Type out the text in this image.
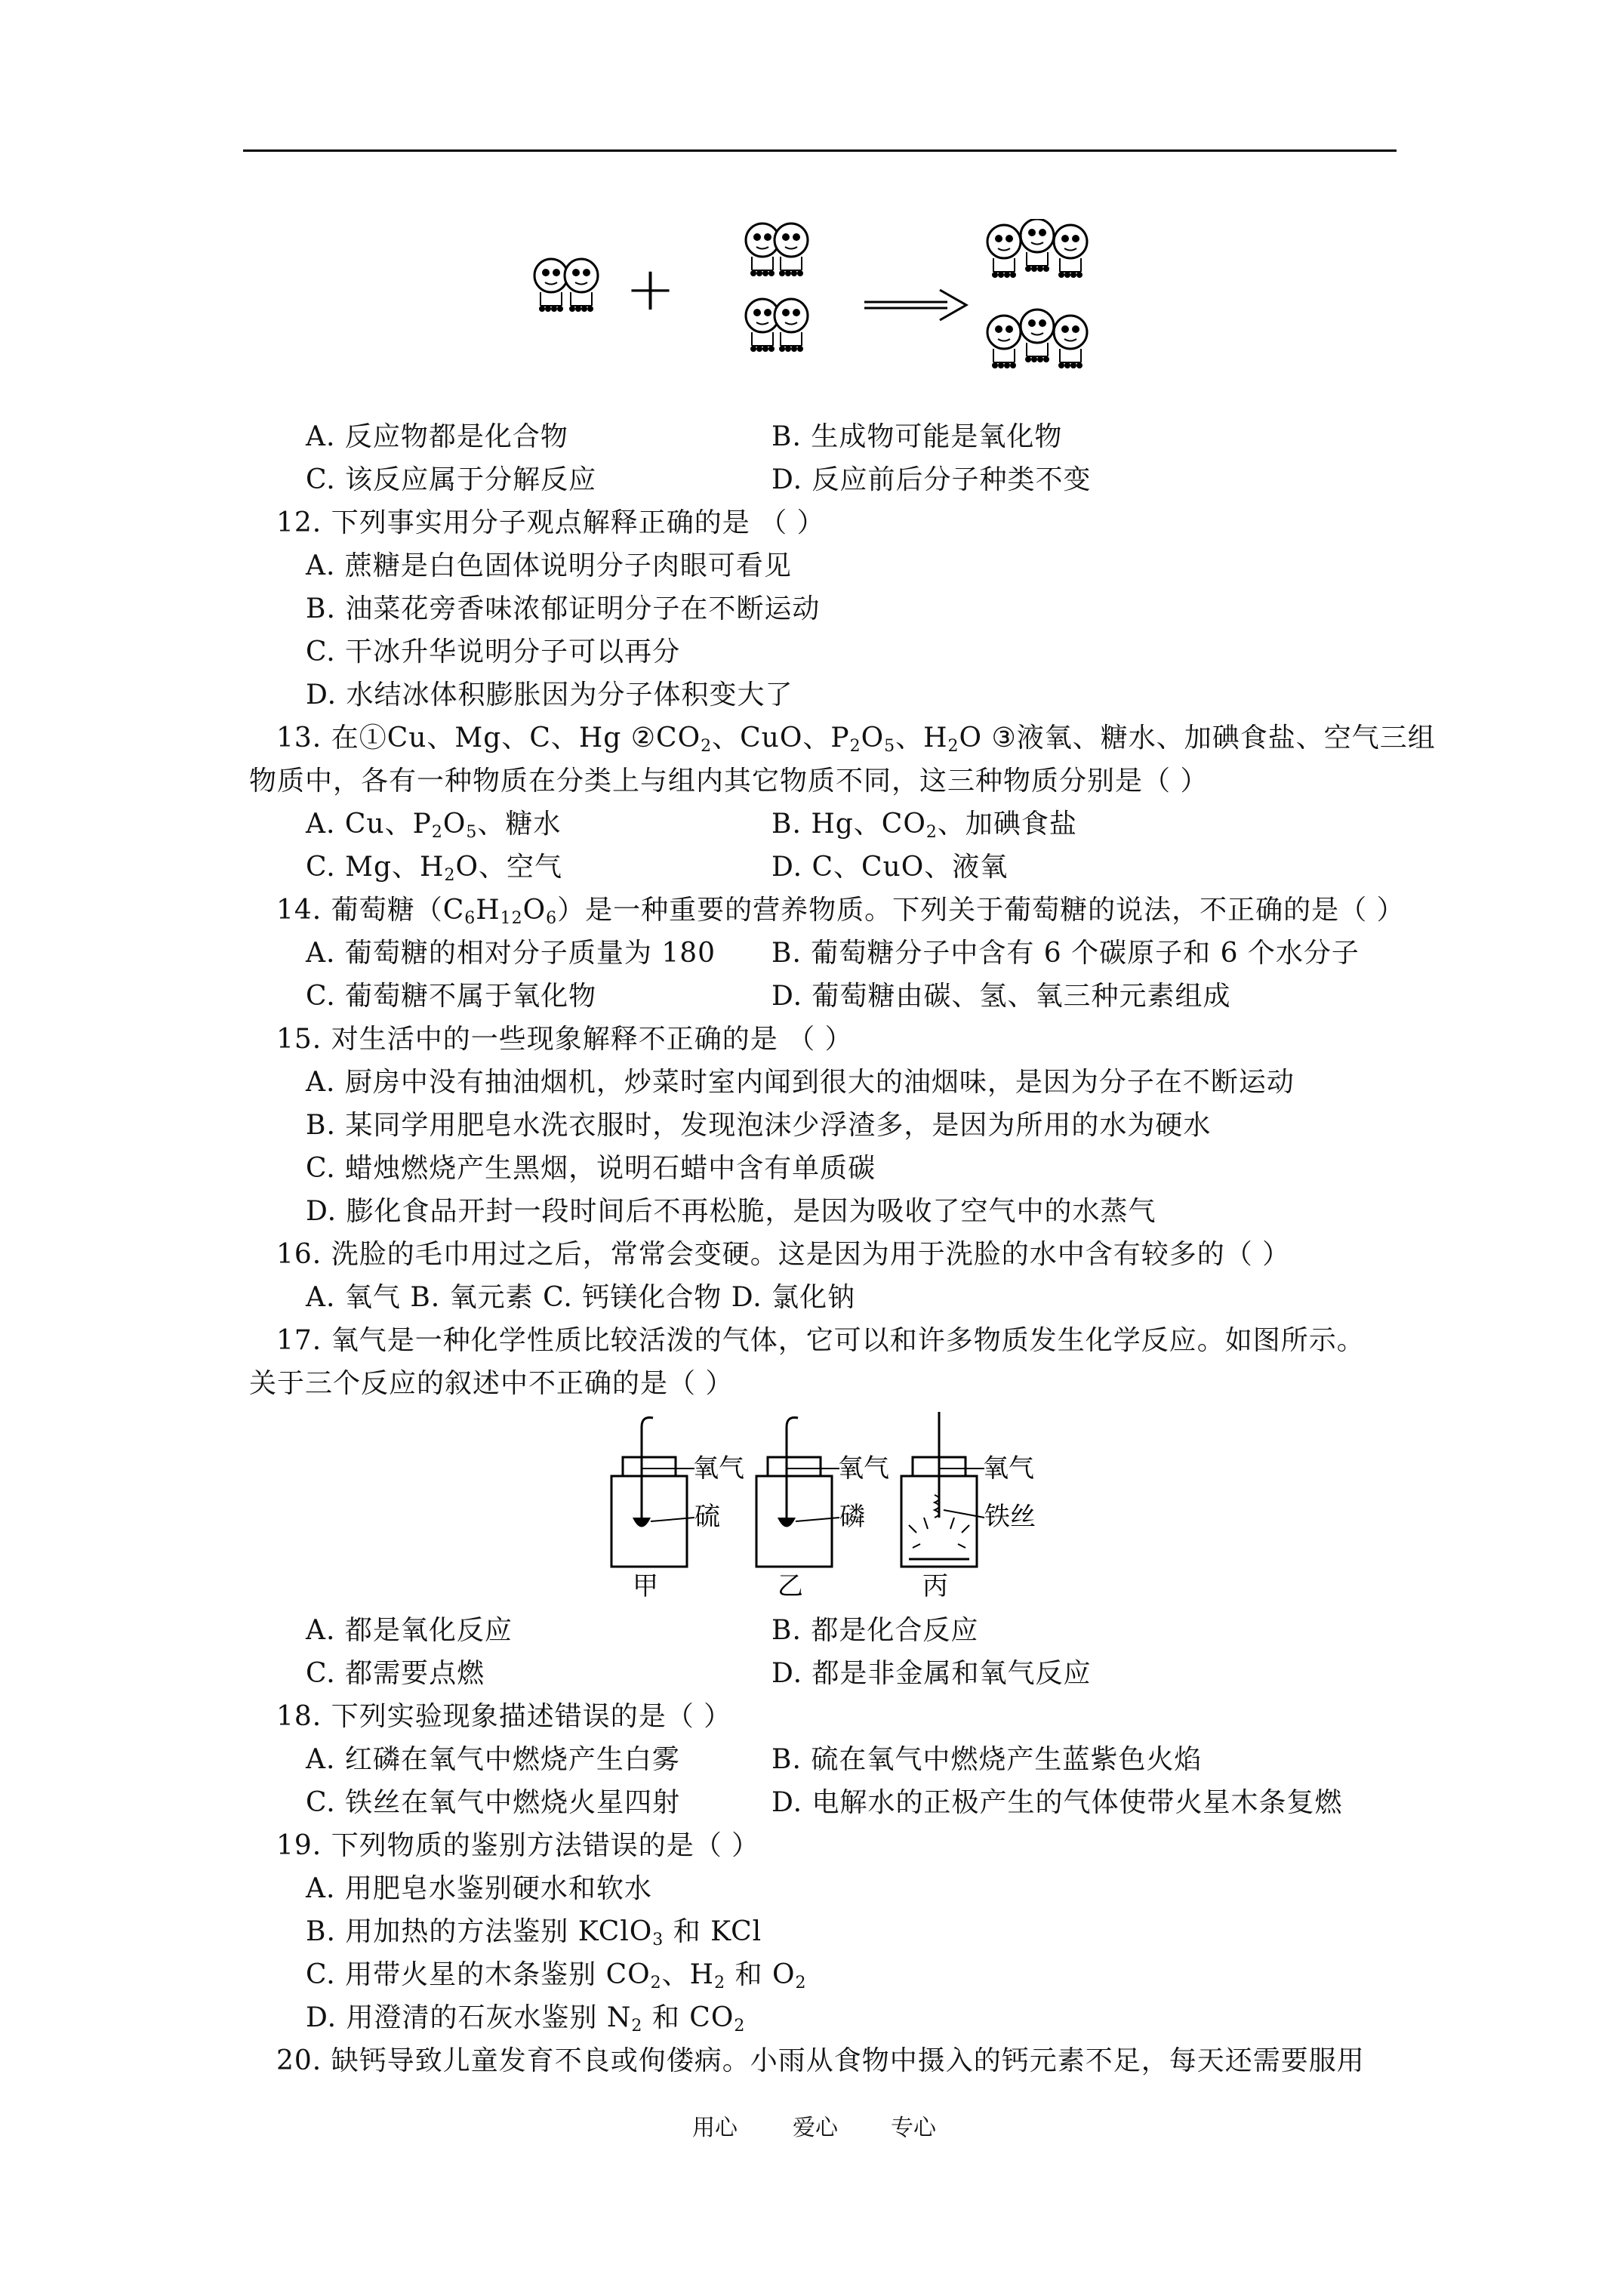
+
A. 反应物都是化合物	B. 生成物可能是氧化物
C. 该反应属于分解反应	D. 反应前后分子种类不变
12. 下列事实用分子观点解释正确的是 （ ）
A. 蔗糖是白色固体说明分子肉眼可看见
B. 油菜花旁香味浓郁证明分子在不断运动
C. 干冰升华说明分子可以再分
D. 水结冰体积膨胀因为分子体积变大了
13. 在①Cu、Mg、C、Hg $②CO_2$、CuO、$P_2O_5$、$H_2O$ ③液氧、糖水、加碘食盐、空气三组
物质中，各有一种物质在分类上与组内其它物质不同，这三种物质分别是（ ）
A. Cu、$P_2O_5$、糖水	B. Hg、$CO_2$、加碘食盐
C. Mg、$H_2O$、空气	D. C、CuO、液氧
14. 葡萄糖$(C_6H_{12}O_6)$是一种重要的营养物质。下列关于葡萄糖的说法，不正确的是（ ）
A. 葡萄糖的相对分子质量为 180 B. 葡萄糖分子中含有 6 个碳原子和 6 个水分子
C. 葡萄糖不属于氧化物	D. 葡萄糖由碳、氢、氧三种元素组成
15. 对生活中的一些现象解释不正确的是 （ ）
A. 厨房中没有抽油烟机，炒菜时室内闻到很大的油烟味，是因为分子在不断运动
B. 某同学用肥皂水洗衣服时，发现泡沫少浮渣多，是因为所用的水为硬水
C. 蜡烛燃烧产生黑烟，说明石蜡中含有单质碳
D. 膨化食品开封一段时间后不再松脆，是因为吸收了空气中的水蒸气
16. 洗脸的毛巾用过之后，常常会变硬。这是因为用于洗脸的水中含有较多的（ ）
A. 氧气 B. 氧元素 C. 钙镁化合物 D. 氯化钠
17. 氧气是一种化学性质比较活泼的气体，它可以和许多物质发生化学反应。如图所示。
关于三个反应的叙述中不正确的是（ ）
氧气
硫
甲
氧气
磷
乙
氧气
铁丝
丙
A. 都是氧化反应	B. 都是化合反应
C. 都需要点燃	D. 都是非金属和氧气反应
18. 下列实验现象描述错误的是（ ）
A. 红磷在氧气中燃烧产生白雾	B. 硫在氧气中燃烧产生蓝紫色火焰
C. 铁丝在氧气中燃烧火星四射	D. 电解水的正极产生的气体使带火星木条复燃
19. 下列物质的鉴别方法错误的是（ ）
A. 用肥皂水鉴别硬水和软水
B. 用加热的方法鉴别 KClO$_3$ 和 KCl
C. 用带火星的木条鉴别 $CO_2$、$H_2$ 和 $O_2$
D. 用澄清的石灰水鉴别 $N_2$ 和 $CO_2$
20. 缺钙导致儿童发育不良或佝偻病。小雨从食物中摄入的钙元素不足，每天还需要服用
用心 爱心 专心
